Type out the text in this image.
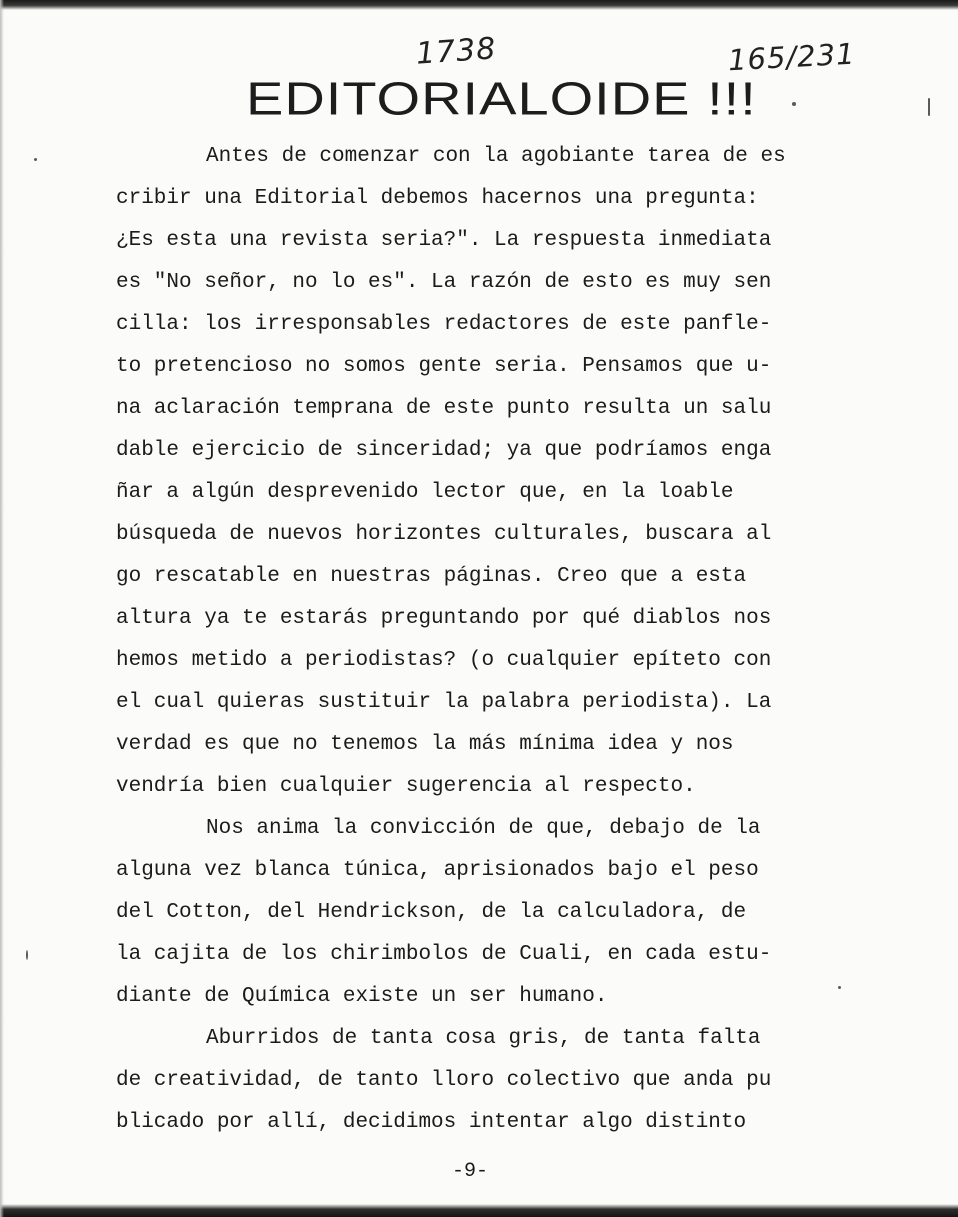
1738	165/231
EDITORIALOIDE !!!
Antes de comenzar con la agobiante tarea de es
cribir una Editorial debemos hacernos una pregunta:
¿Es esta una revista seria?". La respuesta inmediata
es "No señor, no lo es". La razón de esto es muy sen
cilla: los irresponsables redactores de este panfle-
to pretencioso no somos gente seria. Pensamos que u-
na aclaración temprana de este punto resulta un salu
dable ejercicio de sinceridad; ya que podríamos enga
ñar a algún desprevenido lector que, en la loable
búsqueda de nuevos horizontes culturales, buscara al
go rescatable en nuestras páginas. Creo que a esta
altura ya te estarás preguntando por qué diablos nos
hemos metido a periodistas? (o cualquier epíteto con
el cual quieras sustituir la palabra periodista). La
verdad es que no tenemos la más mínima idea y nos
vendría bien cualquier sugerencia al respecto.
Nos anima la convicción de que, debajo de la
alguna vez blanca túnica, aprisionados bajo el peso
del Cotton, del Hendrickson, de la calculadora, de
la cajita de los chirimbolos de Cuali, en cada estu-
diante de Química existe un ser humano.
Aburridos de tanta cosa gris, de tanta falta
de creatividad, de tanto lloro colectivo que anda pu
blicado por allí, decidimos intentar algo distinto
-9-
